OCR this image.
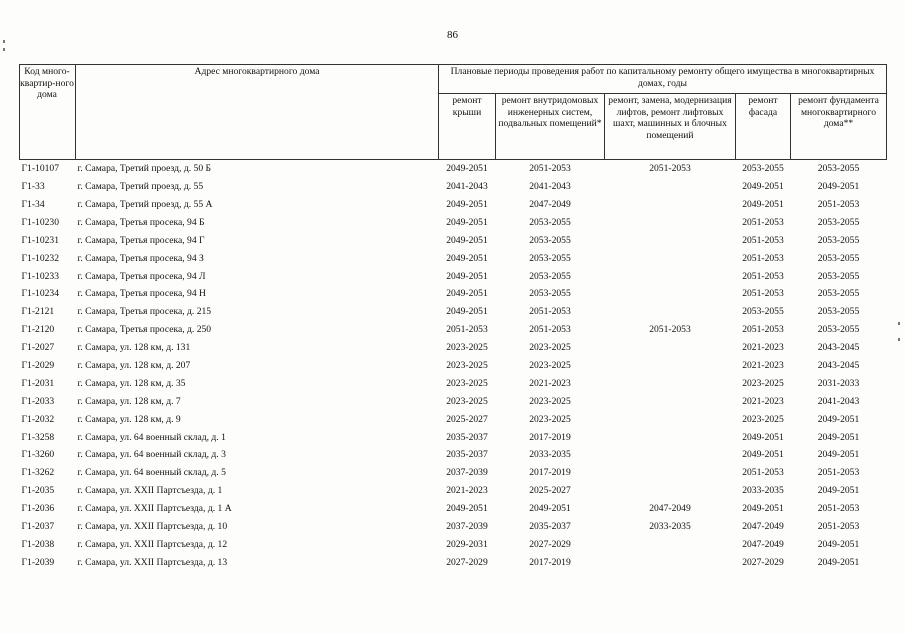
86
Код много-квартир-ного дома	Адрес многоквартирного дома	Плановые периоды проведения работ по капитальному ремонту общего имущества в многоквартирных домах, годы				
		ремонт крыши	ремонт внутридомовых инженерных систем, подвальных помещений*	ремонт, замена, модернизация лифтов, ремонт лифтовых шахт, машинных и блочных помещений	ремонт фасада	ремонт фундамента многоквартирного дома**
Г1-10107	г. Самара, Третий проезд, д. 50 Б	2049-2051	2051-2053	2051-2053	2053-2055	2053-2055
Г1-33	г. Самара, Третий проезд, д. 55	2041-2043	2041-2043		2049-2051	2049-2051
Г1-34	г. Самара, Третий проезд, д. 55 А	2049-2051	2047-2049		2049-2051	2051-2053
Г1-10230	г. Самара, Третья просека, 94 Б	2049-2051	2053-2055		2051-2053	2053-2055
Г1-10231	г. Самара, Третья просека, 94 Г	2049-2051	2053-2055		2051-2053	2053-2055
Г1-10232	г. Самара, Третья просека, 94 З	2049-2051	2053-2055		2051-2053	2053-2055
Г1-10233	г. Самара, Третья просека, 94 Л	2049-2051	2053-2055		2051-2053	2053-2055
Г1-10234	г. Самара, Третья просека, 94 Н	2049-2051	2053-2055		2051-2053	2053-2055
Г1-2121	г. Самара, Третья просека, д. 215	2049-2051	2051-2053		2053-2055	2053-2055
Г1-2120	г. Самара, Третья просека, д. 250	2051-2053	2051-2053	2051-2053	2051-2053	2053-2055
Г1-2027	г. Самара, ул. 128 км, д. 131	2023-2025	2023-2025		2021-2023	2043-2045
Г1-2029	г. Самара, ул. 128 км, д. 207	2023-2025	2023-2025		2021-2023	2043-2045
Г1-2031	г. Самара, ул. 128 км, д. 35	2023-2025	2021-2023		2023-2025	2031-2033
Г1-2033	г. Самара, ул. 128 км, д. 7	2023-2025	2023-2025		2021-2023	2041-2043
Г1-2032	г. Самара, ул. 128 км, д. 9	2025-2027	2023-2025		2023-2025	2049-2051
Г1-3258	г. Самара, ул. 64 военный склад, д. 1	2035-2037	2017-2019		2049-2051	2049-2051
Г1-3260	г. Самара, ул. 64 военный склад, д. 3	2035-2037	2033-2035		2049-2051	2049-2051
Г1-3262	г. Самара, ул. 64 военный склад, д. 5	2037-2039	2017-2019		2051-2053	2051-2053
Г1-2035	г. Самара, ул. XXII Партсъезда, д. 1	2021-2023	2025-2027		2033-2035	2049-2051
Г1-2036	г. Самара, ул. XXII Партсъезда, д. 1 А	2049-2051	2049-2051	2047-2049	2049-2051	2051-2053
Г1-2037	г. Самара, ул. XXII Партсъезда, д. 10	2037-2039	2035-2037	2033-2035	2047-2049	2051-2053
Г1-2038	г. Самара, ул. XXII Партсъезда, д. 12	2029-2031	2027-2029		2047-2049	2049-2051
Г1-2039	г. Самара, ул. XXII Партсъезда, д. 13	2027-2029	2017-2019		2027-2029	2049-2051
